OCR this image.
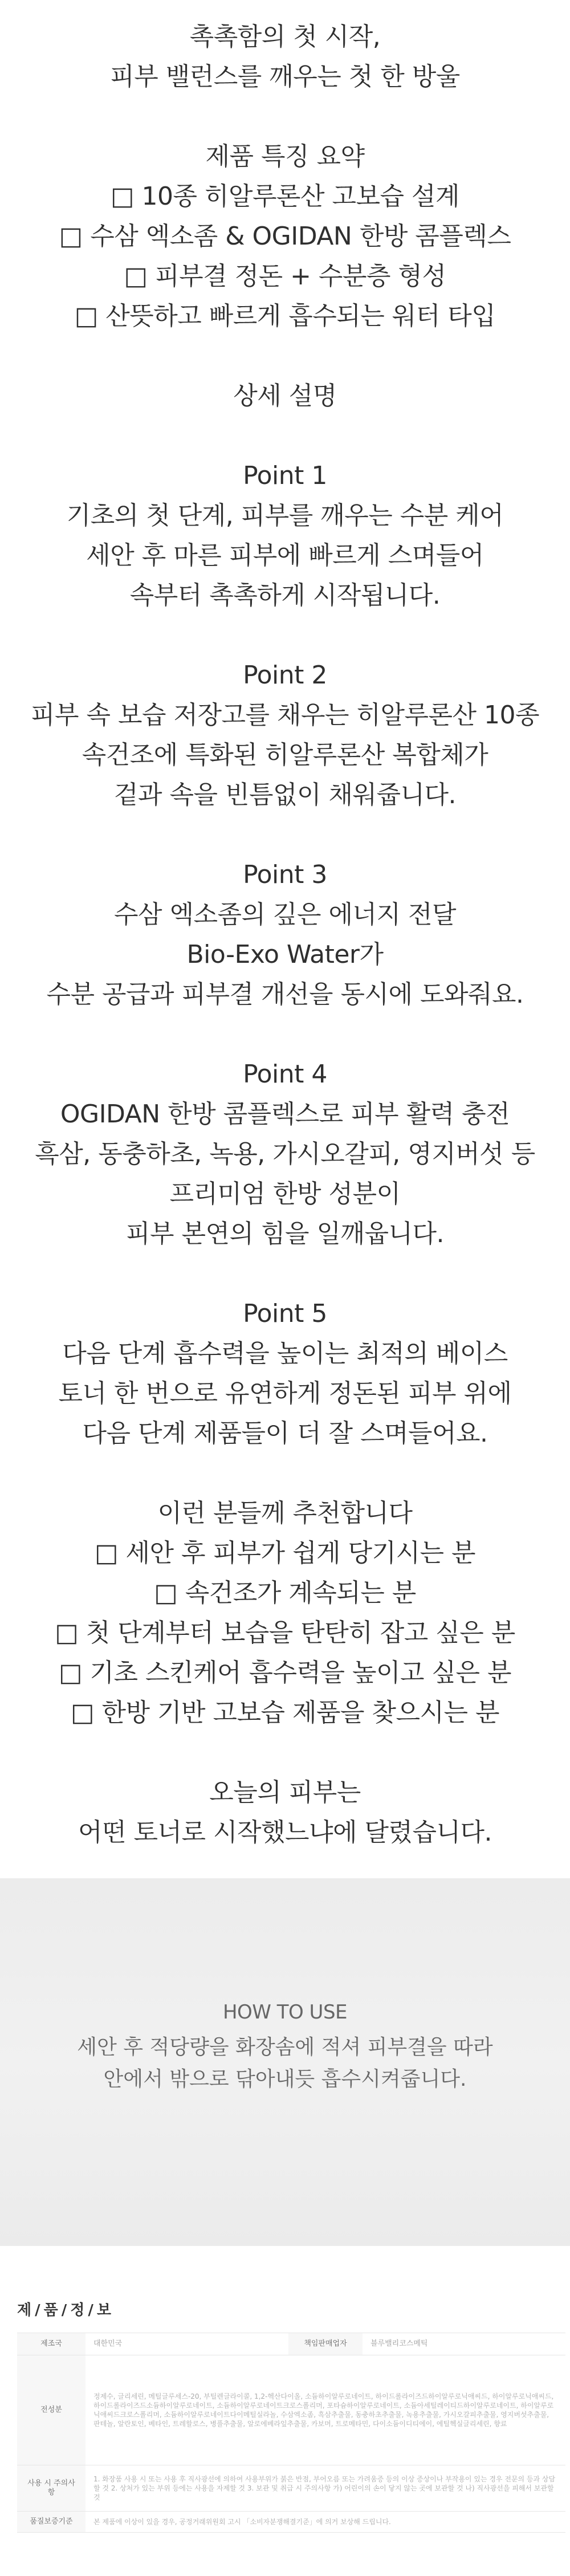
촉촉함의 첫 시작,
피부 밸런스를 깨우는 첫 한 방울
제품 특징 요약
□ 10종 히알루론산 고보습 설계
□ 수삼 엑소좀 & OGIDAN 한방 콤플렉스
□ 피부결 정돈 + 수분층 형성
□ 산뜻하고 빠르게 흡수되는 워터 타입
상세 설명
Point 1
기초의 첫 단계, 피부를 깨우는 수분 케어
세안 후 마른 피부에 빠르게 스며들어
속부터 촉촉하게 시작됩니다.
Point 2
피부 속 보습 저장고를 채우는 히알루론산 10종
속건조에 특화된 히알루론산 복합체가
겉과 속을 빈틈없이 채워줍니다.
Point 3
수삼 엑소좀의 깊은 에너지 전달
Bio-Exo Water가
수분 공급과 피부결 개선을 동시에 도와줘요.
Point 4
OGIDAN 한방 콤플렉스로 피부 활력 충전
흑삼, 동충하초, 녹용, 가시오갈피, 영지버섯 등
프리미엄 한방 성분이
피부 본연의 힘을 일깨웁니다.
Point 5
다음 단계 흡수력을 높이는 최적의 베이스
토너 한 번으로 유연하게 정돈된 피부 위에
다음 단계 제품들이 더 잘 스며들어요.
이런 분들께 추천합니다
□ 세안 후 피부가 쉽게 당기시는 분
□ 속건조가 계속되는 분
□ 첫 단계부터 보습을 탄탄히 잡고 싶은 분
□ 기초 스킨케어 흡수력을 높이고 싶은 분
□ 한방 기반 고보습 제품을 찾으시는 분
오늘의 피부는
어떤 토너로 시작했느냐에 달렸습니다.
HOW TO USE
세안 후 적당량을 화장솜에 적셔 피부결을 따라
안에서 밖으로 닦아내듯 흡수시켜줍니다.
제/품/정/보
제조국	대한민국	책임판매업자	블루밸리코스메틱
전성분	정제수, 글리세린, 메틸글루세스-20, 부틸렌글라이콜, 1,2-헥산다이올, 소듐하이알루로네이트, 하이드롤라이즈드하이알루로닉애씨드, 하이알루로닉애씨드, 하이드롤라이즈드소듐하이알루로네이트, 소듐하이알루로네이트크로스폴리머, 포타슘하이알루로네이트, 소듐아세틸레이티드하이알루로네이트, 하이알루로닉애씨드크로스폴리머, 소듐하이알루로네이트다이메틸실라놀, 수삼엑소좀, 흑삼추출물, 동충하초추출물, 녹용추출물, 가시오갈피추출물, 영지버섯추출물, 판테놀, 알란토인, 베타인, 트레할로스, 병풀추출물, 알로에베라잎추출물, 카보머, 트로메타민, 다이소듐이디티에이, 에틸헥실글리세린, 향료		
사용 시 주의사항	1. 화장품 사용 시 또는 사용 후 직사광선에 의하여 사용부위가 붉은 반점, 부어오름 또는 가려움증 등의 이상 증상이나 부작용이 있는 경우 전문의 등과 상담할 것 2. 상처가 있는 부위 등에는 사용을 자제할 것 3. 보관 및 취급 시 주의사항 가) 어린이의 손이 닿지 않는 곳에 보관할 것 나) 직사광선을 피해서 보관할 것		
품질보증기준	본 제품에 이상이 있을 경우, 공정거래위원회 고시 「소비자분쟁해결기준」에 의거 보상해 드립니다.		
